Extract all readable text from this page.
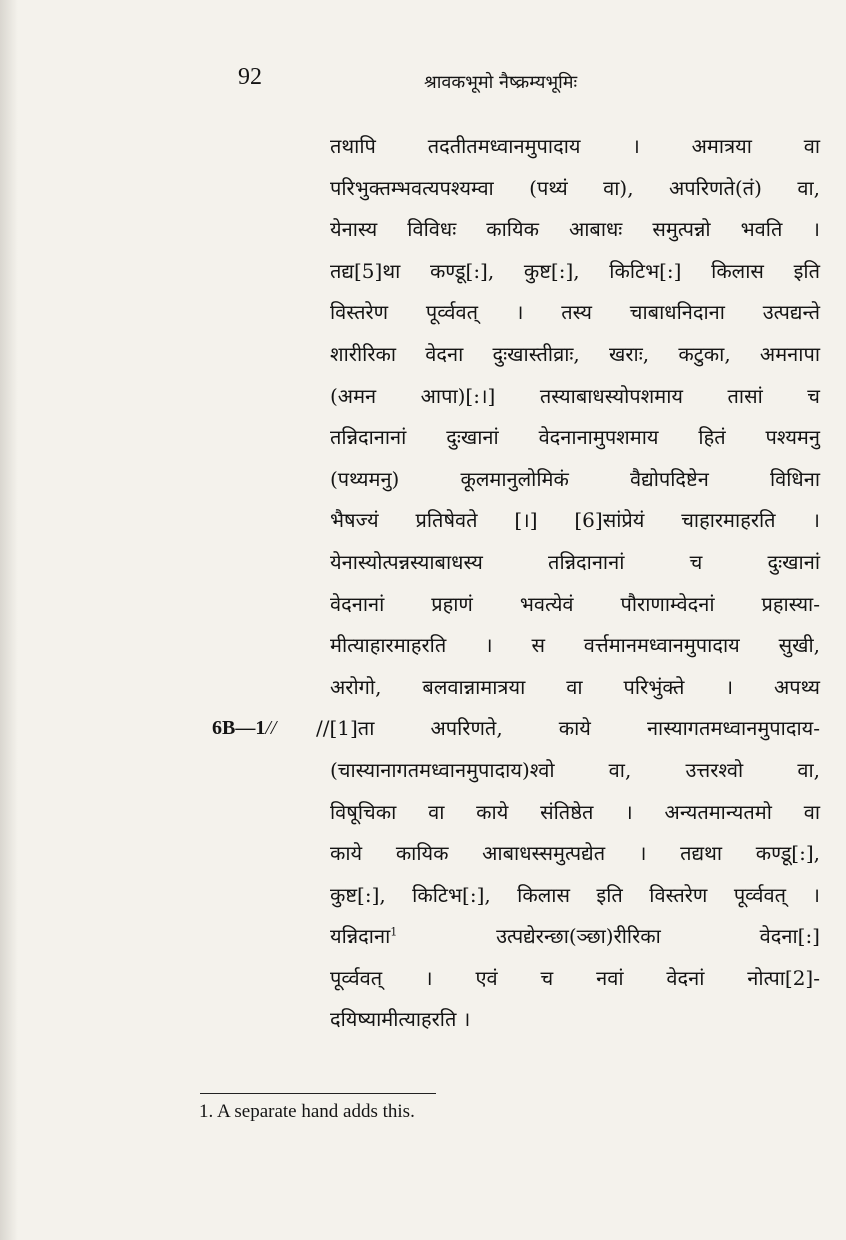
92	श्रावकभूमो नैष्क्रम्यभूमिः
तथापि तदतीतमध्वानमुपादाय । अमात्रया वा
परिभुक्तम्भवत्यपश्यम्वा (पथ्यं वा), अपरिणते(तं) वा,
येनास्य विविधः कायिक आबाधः समुत्पन्नो भवति ।
तद्य[5]था कण्डू[:], कुष्ट[:], किटिभ[:] किलास इति
विस्तरेण पूर्व्ववत् । तस्य चाबाधनिदाना उत्पद्यन्ते
शारीरिका वेदना दुःखास्तीव्राः, खराः, कटुका, अमनापा
(अमन आपा)[:।] तस्याबाधस्योपशमाय तासां च
तन्निदानानां दुःखानां वेदनानामुपशमाय हितं पश्यमनु
(पथ्यमनु) कूलमानुलोमिकं वैद्योपदिष्टेन विधिना
भैषज्यं प्रतिषेवते [।] [6]सांप्रेयं चाहारमाहरति ।
येनास्योत्पन्नस्याबाधस्य तन्निदानानां च दुःखानां
वेदनानां प्रहाणं भवत्येवं पौराणाम्वेदनां प्रहास्या-
मीत्याहारमाहरति । स वर्त्तमानमध्वानमुपादाय सुखी,
अरोगो, बलवान्नामात्रया वा परिभुंक्ते । अपथ्य
6B—1// //[1]ता अपरिणते, काये नास्यागतमध्वानमुपादाय-
(चास्यानागतमध्वानमुपादाय)श्वो वा, उत्तरश्वो वा,
विषूचिका वा काये संतिष्ठेत । अन्यतमान्यतमो वा
काये कायिक आबाधस्समुत्पद्येत । तद्यथा कण्डू[:],
कुष्ट[:], किटिभ[:], किलास इति विस्तरेण पूर्व्ववत् ।
यन्निदाना$^1$	उत्पद्येरन्छा(ञ्छा)रीरिका वेदना[:]
पूर्व्ववत् । एवं च नवां वेदनां नोत्पा[2]-
दयिष्यामीत्याहरति ।
1. A separate hand adds this.
